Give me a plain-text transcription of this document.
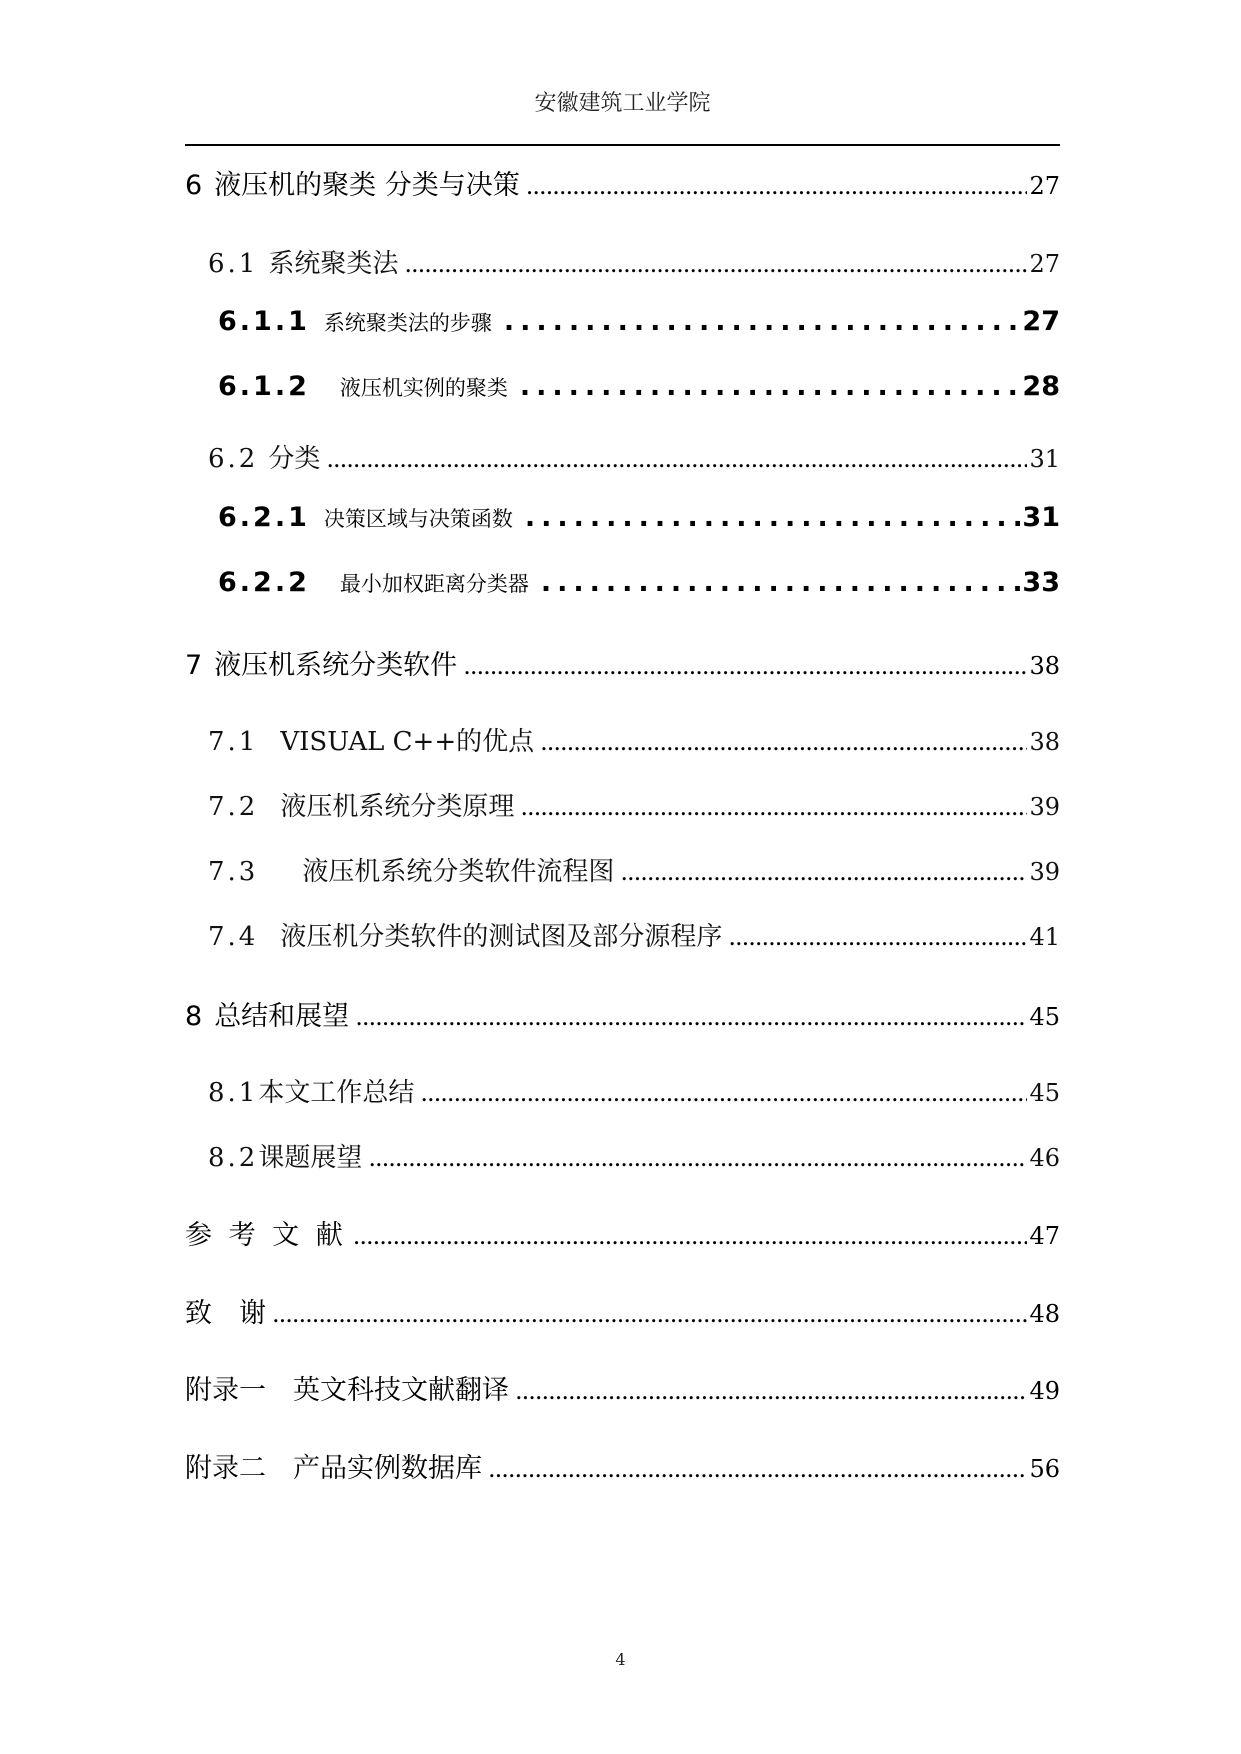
安徽建筑工业学院
6 液压机的聚类 分类与决策 .....	27
6.1 系统聚类法 .....	27
6.1.1 系统聚类法的步骤 .....	27
6.1.2 液压机实例的聚类 .....	28
6.2 分类 .....	31
6.2.1 决策区域与决策函数 .....	31
6.2.2 最小加权距离分类器 .....	33
7 液压机系统分类软件 .....	38
7.1 VISUAL C++的优点 .....	38
7.2 液压机系统分类原理 .....	39
7.3 液压机系统分类软件流程图 .....	39
7.4 液压机分类软件的测试图及部分源程序 .....	41
8 总结和展望 .....	45
8.1 本文工作总结 .....	45
8.2 课题展望 .....	46
参 考 文 献 .....	47
致　谢 .....	48
附录一　英文科技文献翻译 .....	49
附录二　产品实例数据库 .....	56
4
